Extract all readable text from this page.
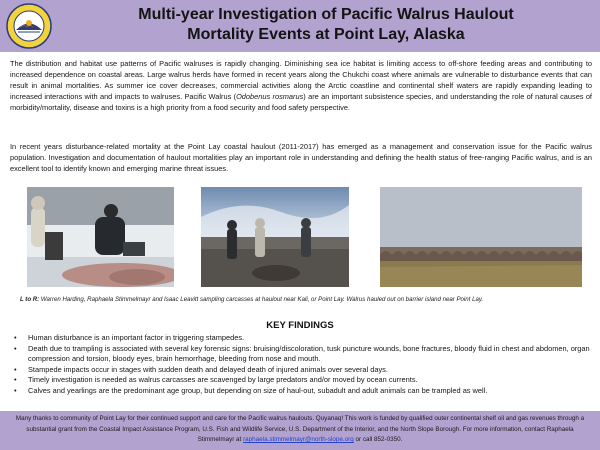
Multi-year Investigation of Pacific Walrus Haulout
Mortality Events at Point Lay, Alaska

The distribution and habitat use patterns of Pacific walruses is rapidly changing. Diminishing sea ice habitat is limiting access to off-shore feeding areas and contributing to increased dependence on coastal areas. Large walrus herds have formed in recent years along the Chukchi coast where animals are vulnerable to disturbance events that can result in animal mortalities. As summer ice cover decreases, commercial activities along the Arctic coastline and continental shelf waters are rapidly expanding leading to increased interactions with and impacts to walruses. Pacific Walrus (Odobenus rosmarus) are an important subsistence species, and understanding the role of natural causes of morbidity/mortality, disease and toxins is a high priority from a food security and food safety perspective.

In recent years disturbance-related mortality at the Point Lay coastal haulout (2011-2017) has emerged as a management and conservation issue for the Pacific walrus population. Investigation and documentation of haulout mortalities play an important role in understanding and defining the health status of free-ranging Pacific walrus, and is an excellent tool to identify known and emerging marine threat issues.

L to R: Warren Harding, Raphaela Stimmelmayr and Isaac Leavitt sampling carcasses at haulout near Kali, or Point Lay. Walrus hauled out on barrier island near Point Lay.

KEY FINDINGS
• Human disturbance is an important factor in triggering stampedes.
• Death due to trampling is associated with several key forensic signs: bruising/discoloration, tusk puncture wounds, bone fractures, bloody fluid in chest and abdomen, organ compression and torsion, bloody eyes, brain hemorrhage, bleeding from nose and mouth.
• Stampede impacts occur in stages with sudden death and delayed death of injured animals over several days.
• Timely investigation is needed as walrus carcasses are scavenged by large predators and/or moved by ocean currents.
• Calves and yearlings are the predominant age group, but depending on size of haul-out, subadult and adult animals can be trampled as well.
Many thanks to community of Point Lay for their continued support and care for the Pacific walrus haulouts. Quyanaq! This work is funded by qualified outer continental shelf oil and gas revenues through a substantial grant from the Coastal Impact Assistance Program, U.S. Fish and Wildlife Service, U.S. Department of the Interior, and the North Slope Borough. For more information, contact Raphaela Stimmelmayr at raphaela.stimmelmayr@north-slope.org or call 852-0350.
